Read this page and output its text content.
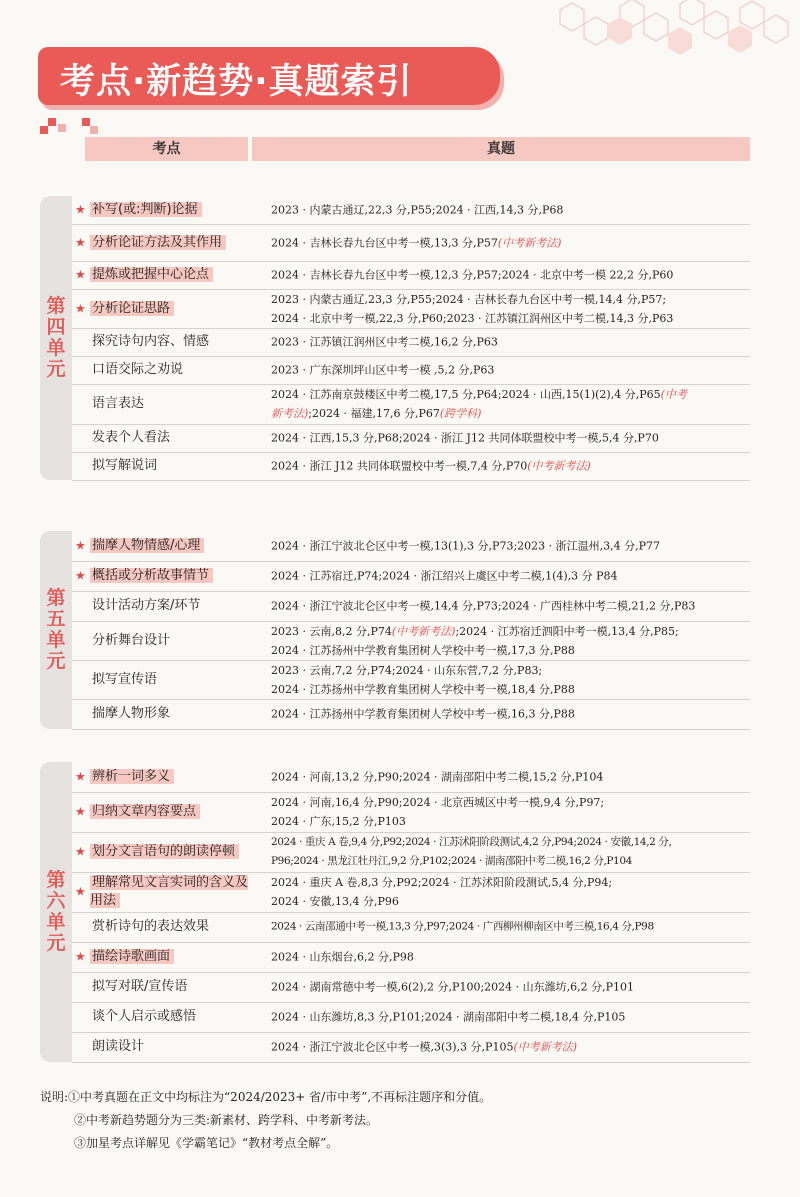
考点·新趋势·真题索引
考点	真题
第四单元
★ 补写(或:判断)论据	2023 · 内蒙古通辽,22,3 分,P55;2024 · 江西,14,3 分,P68
★ 分析论证方法及其作用	2024 · 吉林长春九台区中考一模,13,3 分,P57(中考新考法)
★ 提炼或把握中心论点	2024 · 吉林长春九台区中考一模,12,3 分,P57;2024 · 北京中考一模 22,2 分,P60
★ 分析论证思路
2023 · 内蒙古通辽,23,3 分,P55;2024 · 吉林长春九台区中考一模,14,4 分,P57;
2024 · 北京中考一模,22,3 分,P60;2023 · 江苏镇江润州区中考二模,14,3 分,P63
探究诗句内容、情感	2023 · 江苏镇江润州区中考二模,16,2 分,P63
口语交际之劝说	2023 · 广东深圳坪山区中考一模 ,5,2 分,P63
语言表达
2024 · 江苏南京鼓楼区中考二模,17,5 分,P64;2024 · 山西,15(1)(2),4 分,P65(中考
新考法);2024 · 福建,17,6 分,P67(跨学科)
发表个人看法	2024 · 江西,15,3 分,P68;2024 · 浙江 J12 共同体联盟校中考一模,5,4 分,P70
拟写解说词	2024 · 浙江 J12 共同体联盟校中考一模,7,4 分,P70(中考新考法)
第五单元
★ 揣摩人物情感/心理	2024 · 浙江宁波北仑区中考一模,13(1),3 分,P73;2023 · 浙江温州,3,4 分,P77
★ 概括或分析故事情节	2024 · 江苏宿迁,P74;2024 · 浙江绍兴上虞区中考二模,1(4),3 分 P84
设计活动方案/环节	2024 · 浙江宁波北仑区中考一模,14,4 分,P73;2024 · 广西桂林中考二模,21,2 分,P83
分析舞台设计
2023 · 云南,8,2 分,P74(中考新考法);2024 · 江苏宿迁泗阳中考一模,13,4 分,P85;
2024 · 江苏扬州中学教育集团树人学校中考一模,17,3 分,P88
拟写宣传语
2023 · 云南,7,2 分,P74;2024 · 山东东营,7,2 分,P83;
2024 · 江苏扬州中学教育集团树人学校中考一模,18,4 分,P88
揣摩人物形象	2024 · 江苏扬州中学教育集团树人学校中考一模,16,3 分,P88
第六单元
★ 辨析一词多义	2024 · 河南,13,2 分,P90;2024 · 湖南邵阳中考二模,15,2 分,P104
★ 归纳文章内容要点
2024 · 河南,16,4 分,P90;2024 · 北京西城区中考一模,9,4 分,P97;
2024 · 广东,15,2 分,P103
★ 划分文言语句的朗读停顿
2024 · 重庆 A 卷,9,4 分,P92;2024 · 江苏沭阳阶段测试,4,2 分,P94;2024 · 安徽,14,2 分,
P96;2024 · 黑龙江牡丹江,9,2 分,P102;2024 · 湖南邵阳中考二模,16,2 分,P104
★
理解常见文言实词的含义及用法
2024 · 重庆 A 卷,8,3 分,P92;2024 · 江苏沭阳阶段测试,5,4 分,P94;
2024 · 安徽,13,4 分,P96
赏析诗句的表达效果	2024 · 云南邵通中考一模,13,3 分,P97;2024 · 广西柳州柳南区中考三模,16,4 分,P98
★ 描绘诗歌画面	2024 · 山东烟台,6,2 分,P98
拟写对联/宣传语	2024 · 湖南常德中考一模,6(2),2 分,P100;2024 · 山东潍坊,6,2 分,P101
谈个人启示或感悟	2024 · 山东潍坊,8,3 分,P101;2024 · 湖南邵阳中考二模,18,4 分,P105
朗读设计	2024 · 浙江宁波北仑区中考一模,3(3),3 分,P105(中考新考法)
说明:①中考真题在正文中均标注为“2024/2023+ 省/市中考”,不再标注题序和分值。
②中考新趋势题分为三类:新素材、跨学科、中考新考法。
③加星考点详解见《学霸笔记》“教材考点全解”。
